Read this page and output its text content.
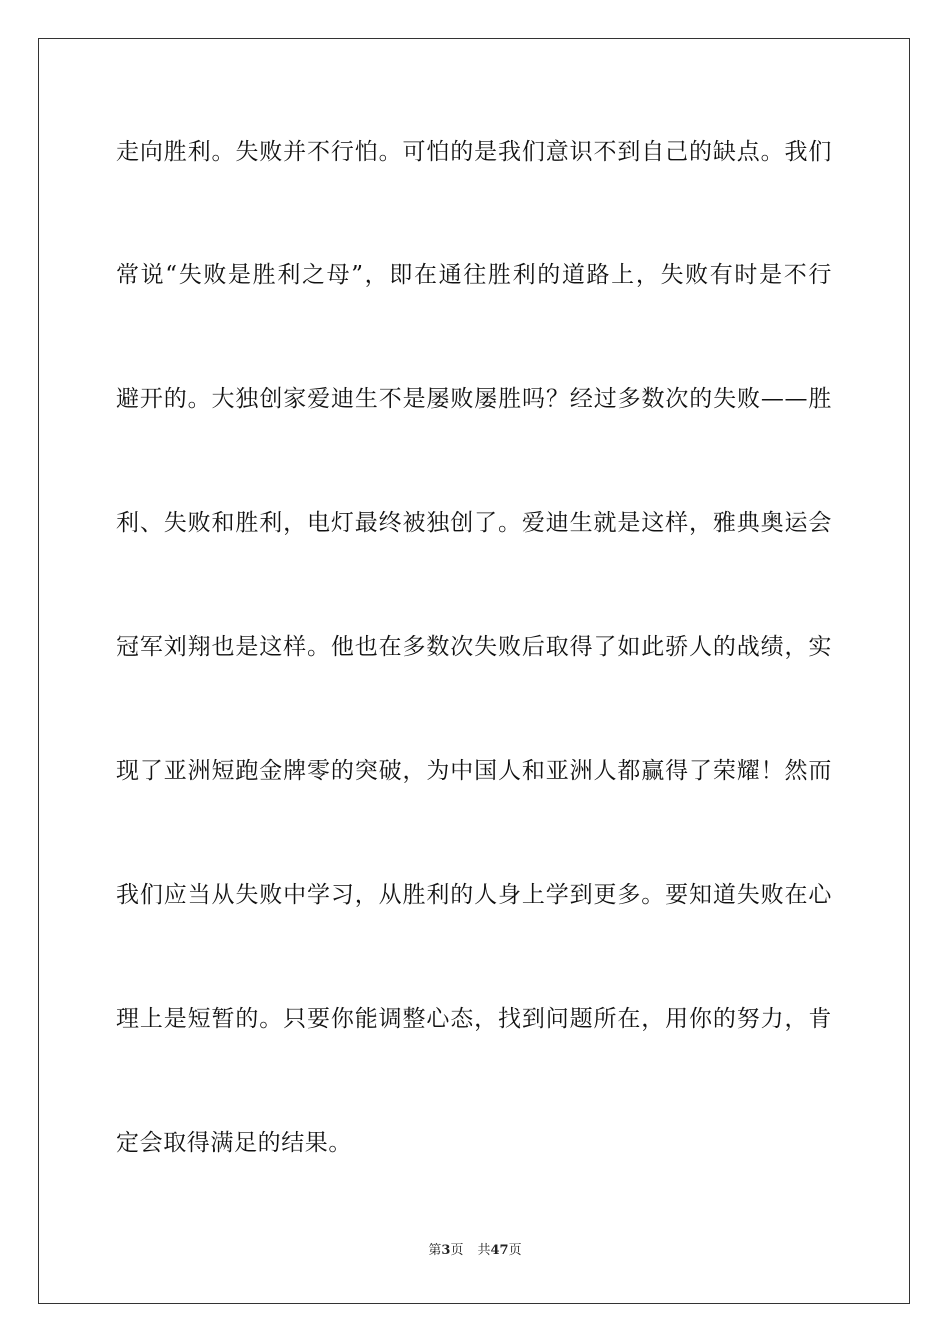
走向胜利。失败并不行怕。可怕的是我们意识不到自己的缺点。我们
常说“失败是胜利之母”，即在通往胜利的道路上，失败有时是不行
避开的。大独创家爱迪生不是屡败屡胜吗？经过多数次的失败——胜
利、失败和胜利，电灯最终被独创了。爱迪生就是这样，雅典奥运会
冠军刘翔也是这样。他也在多数次失败后取得了如此骄人的战绩，实
现了亚洲短跑金牌零的突破，为中国人和亚洲人都赢得了荣耀！然而
我们应当从失败中学习，从胜利的人身上学到更多。要知道失败在心
理上是短暂的。只要你能调整心态，找到问题所在，用你的努力，肯
定会取得满足的结果。
第3页 共47页
